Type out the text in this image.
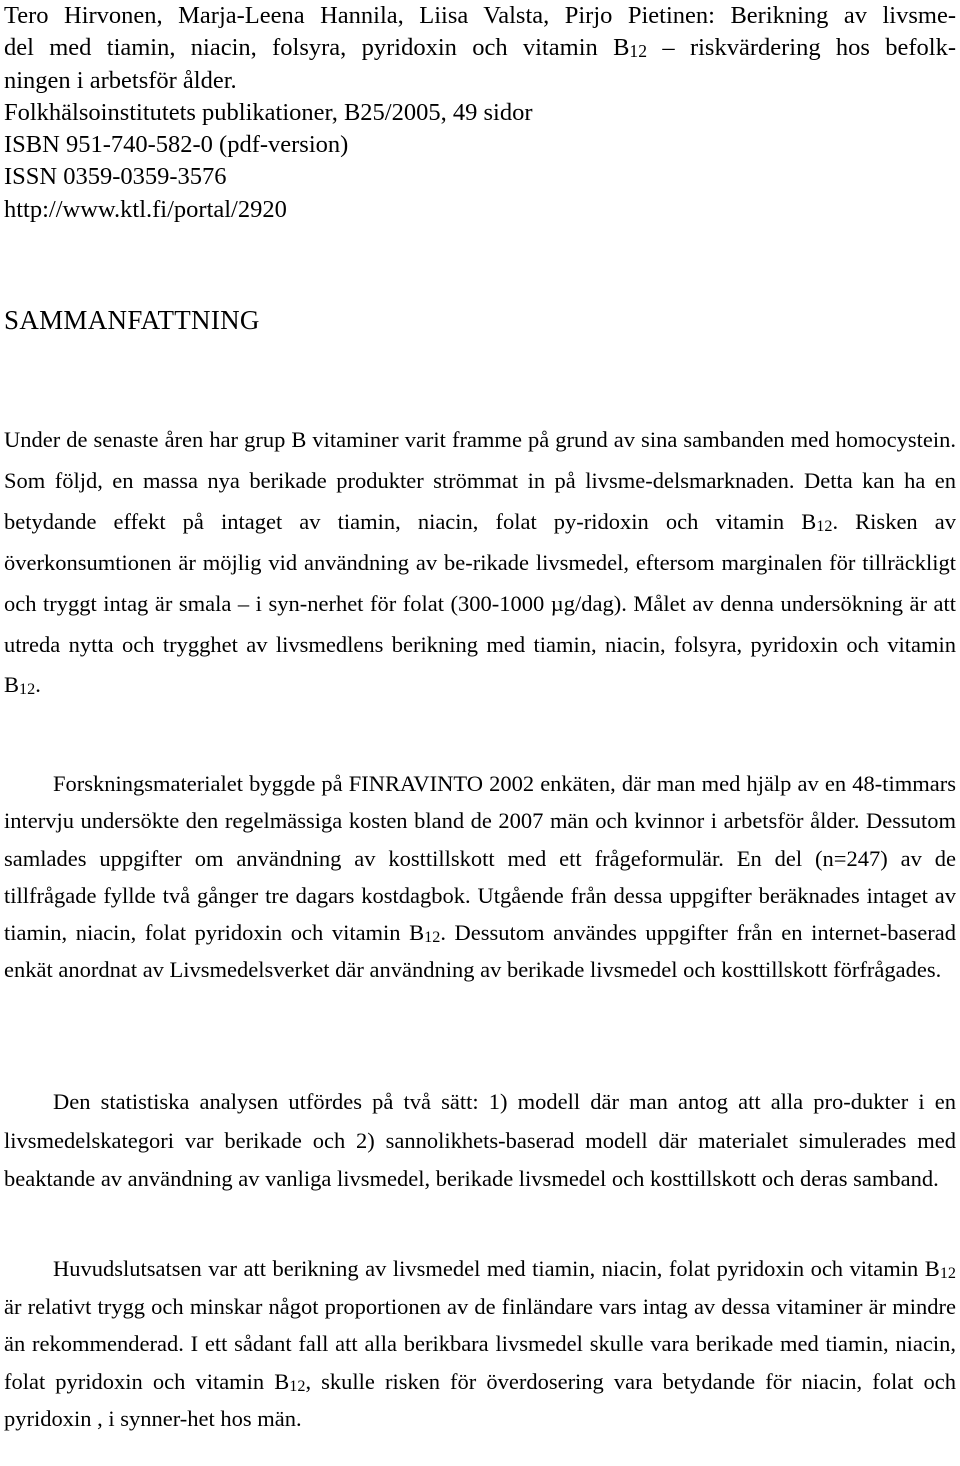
Tero Hirvonen, Marja-Leena Hannila, Liisa Valsta, Pirjo Pietinen: Berikning av livsme-
del med tiamin, niacin, folsyra, pyridoxin och vitamin $B_{12}$ – riskvärdering hos befolk-
ningen i arbetsför ålder.
Folkhälsoinstitutets publikationer, B25/2005, 49 sidor
ISBN 951-740-582-0 (pdf-version)
ISSN 0359-0359-3576
http://www.ktl.fi/portal/2920
SAMMANFATTNING

Under de senaste åren har grup B vitaminer varit framme på grund av sina sambanden med homocystein. Som följd, en massa nya berikade produkter strömmat in på livsme-delsmarknaden. Detta kan ha en betydande effekt på intaget av tiamin, niacin, folat py-ridoxin och vitamin $B_{12}$. Risken av överkonsumtionen är möjlig vid användning av be-rikade livsmedel, eftersom marginalen för tillräckligt och tryggt intag är smala – i syn-nerhet för folat (300-1000 µg/dag). Målet av denna undersökning är att utreda nytta och trygghet av livsmedlens berikning med tiamin, niacin, folsyra, pyridoxin och vitamin $B_{12}$.

Forskningsmaterialet byggde på FINRAVINTO 2002 enkäten, där man med hjälp av en 48-timmars intervju undersökte den regelmässiga kosten bland de 2007 män och kvinnor i arbetsför ålder. Dessutom samlades uppgifter om användning av kosttillskott med ett frågeformulär. En del (n=247) av de tillfrågade fyllde två gånger tre dagars kostdagbok. Utgående från dessa uppgifter beräknades intaget av tiamin, niacin, folat pyridoxin och vitamin $B_{12}$. Dessutom användes uppgifter från en internet-baserad enkät anordnat av Livsmedelsverket där användning av berikade livsmedel och kosttillskott förfrågades.

Den statistiska analysen utfördes på två sätt: 1) modell där man antog att alla pro-dukter i en livsmedelskategori var berikade och 2) sannolikhets-baserad modell där materialet simulerades med beaktande av användning av vanliga livsmedel, berikade livsmedel och kosttillskott och deras samband.

Huvudslutsatsen var att berikning av livsmedel med tiamin, niacin, folat pyridoxin och vitamin $B_{12}$ är relativt trygg och minskar något proportionen av de finländare vars intag av dessa vitaminer är mindre än rekommenderad. I ett sådant fall att alla berikbara livsmedel skulle vara berikade med tiamin, niacin, folat pyridoxin och vitamin $B_{12}$, skulle risken för överdosering vara betydande för niacin, folat och pyridoxin , i synner-het hos män.
